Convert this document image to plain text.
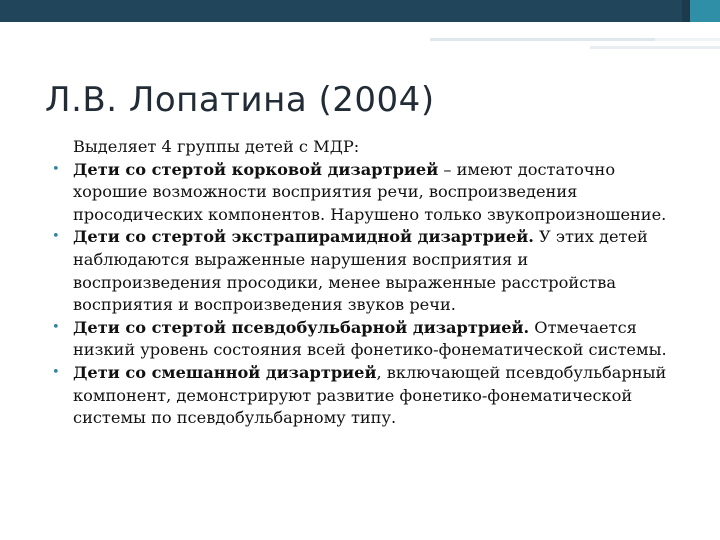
Л.В. Лопатина (2004)

Выделяет 4 группы детей с МДР:

• Дети со стертой корковой дизартрией – имеют достаточно хорошие возможности восприятия речи, воспроизведения просодических компонентов. Нарушено только звукопроизношение.
• Дети со стертой экстрапирамидной дизартрией. У этих детей наблюдаются выраженные нарушения восприятия и воспроизведения просодики, менее выраженные расстройства восприятия и воспроизведения звуков речи.
• Дети со стертой псевдобульбарной дизартрией. Отмечается низкий уровень состояния всей фонетико-фонематической системы.
• Дети со смешанной дизартрией, включающей псевдобульбарный компонент, демонстрируют развитие фонетико-фонематической системы по псевдобульбарному типу.
